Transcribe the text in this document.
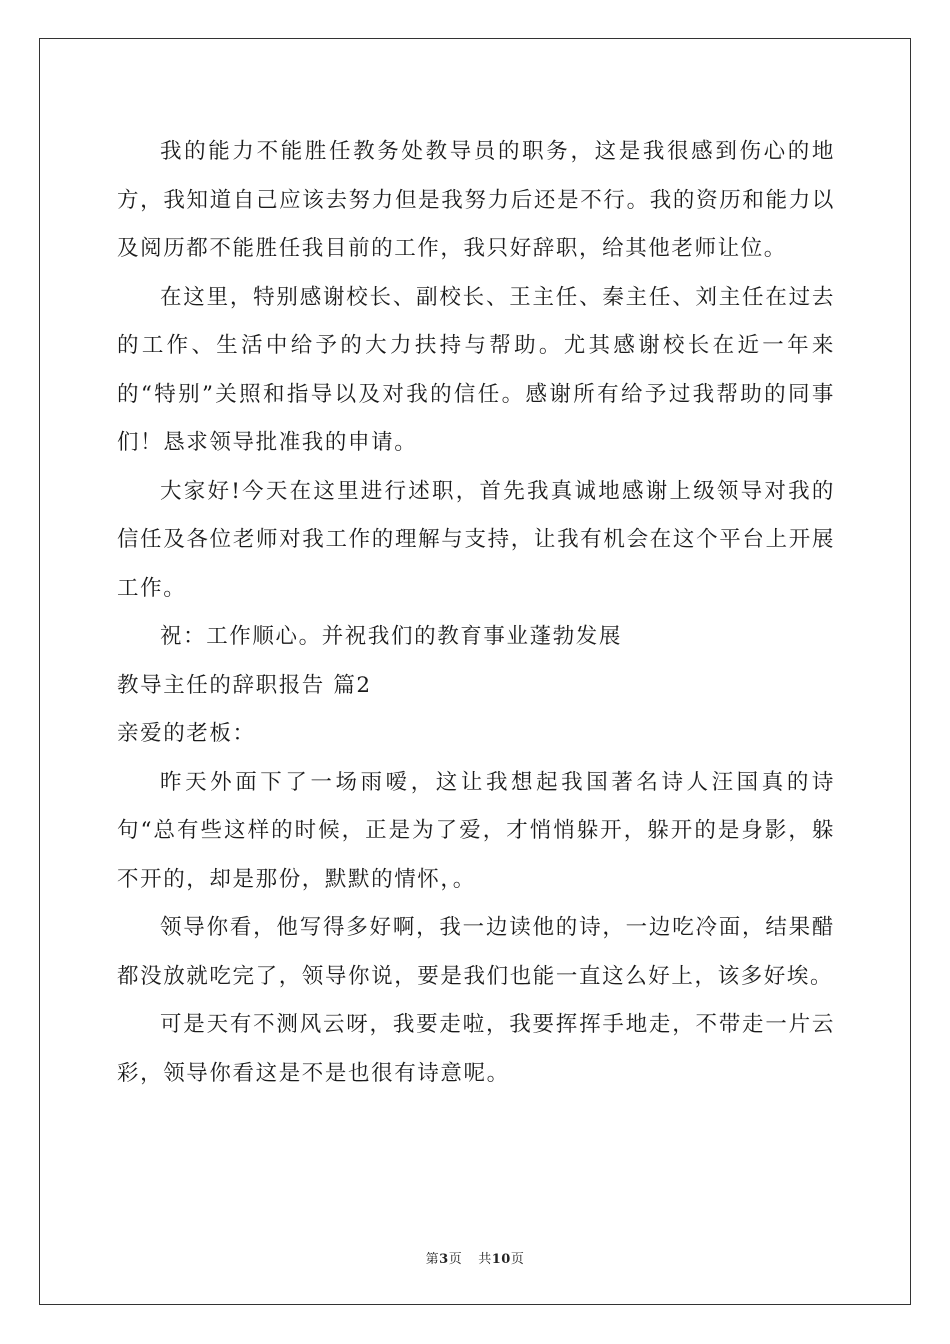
我的能力不能胜任教务处教导员的职务，这是我很感到伤心的地方，我知道自己应该去努力但是我努力后还是不行。我的资历和能力以及阅历都不能胜任我目前的工作，我只好辞职，给其他老师让位。

在这里，特别感谢校长、副校长、王主任、秦主任、刘主任在过去的工作、生活中给予的大力扶持与帮助。尤其感谢校长在近一年来的“特别”关照和指导以及对我的信任。感谢所有给予过我帮助的同事们！恳求领导批准我的申请。

大家好!今天在这里进行述职，首先我真诚地感谢上级领导对我的信任及各位老师对我工作的理解与支持，让我有机会在这个平台上开展工作。

祝：工作顺心。并祝我们的教育事业蓬勃发展

教导主任的辞职报告 篇2

亲爱的老板：

昨天外面下了一场雨嗳，这让我想起我国著名诗人汪国真的诗句“总有些这样的时候，正是为了爱，才悄悄躲开，躲开的是身影，躲不开的，却是那份，默默的情怀，。

领导你看，他写得多好啊，我一边读他的诗，一边吃冷面，结果醋都没放就吃完了，领导你说，要是我们也能一直这么好上，该多好埃。

可是天有不测风云呀，我要走啦，我要挥挥手地走，不带走一片云彩，领导你看这是不是也很有诗意呢。

第3页 共10页
